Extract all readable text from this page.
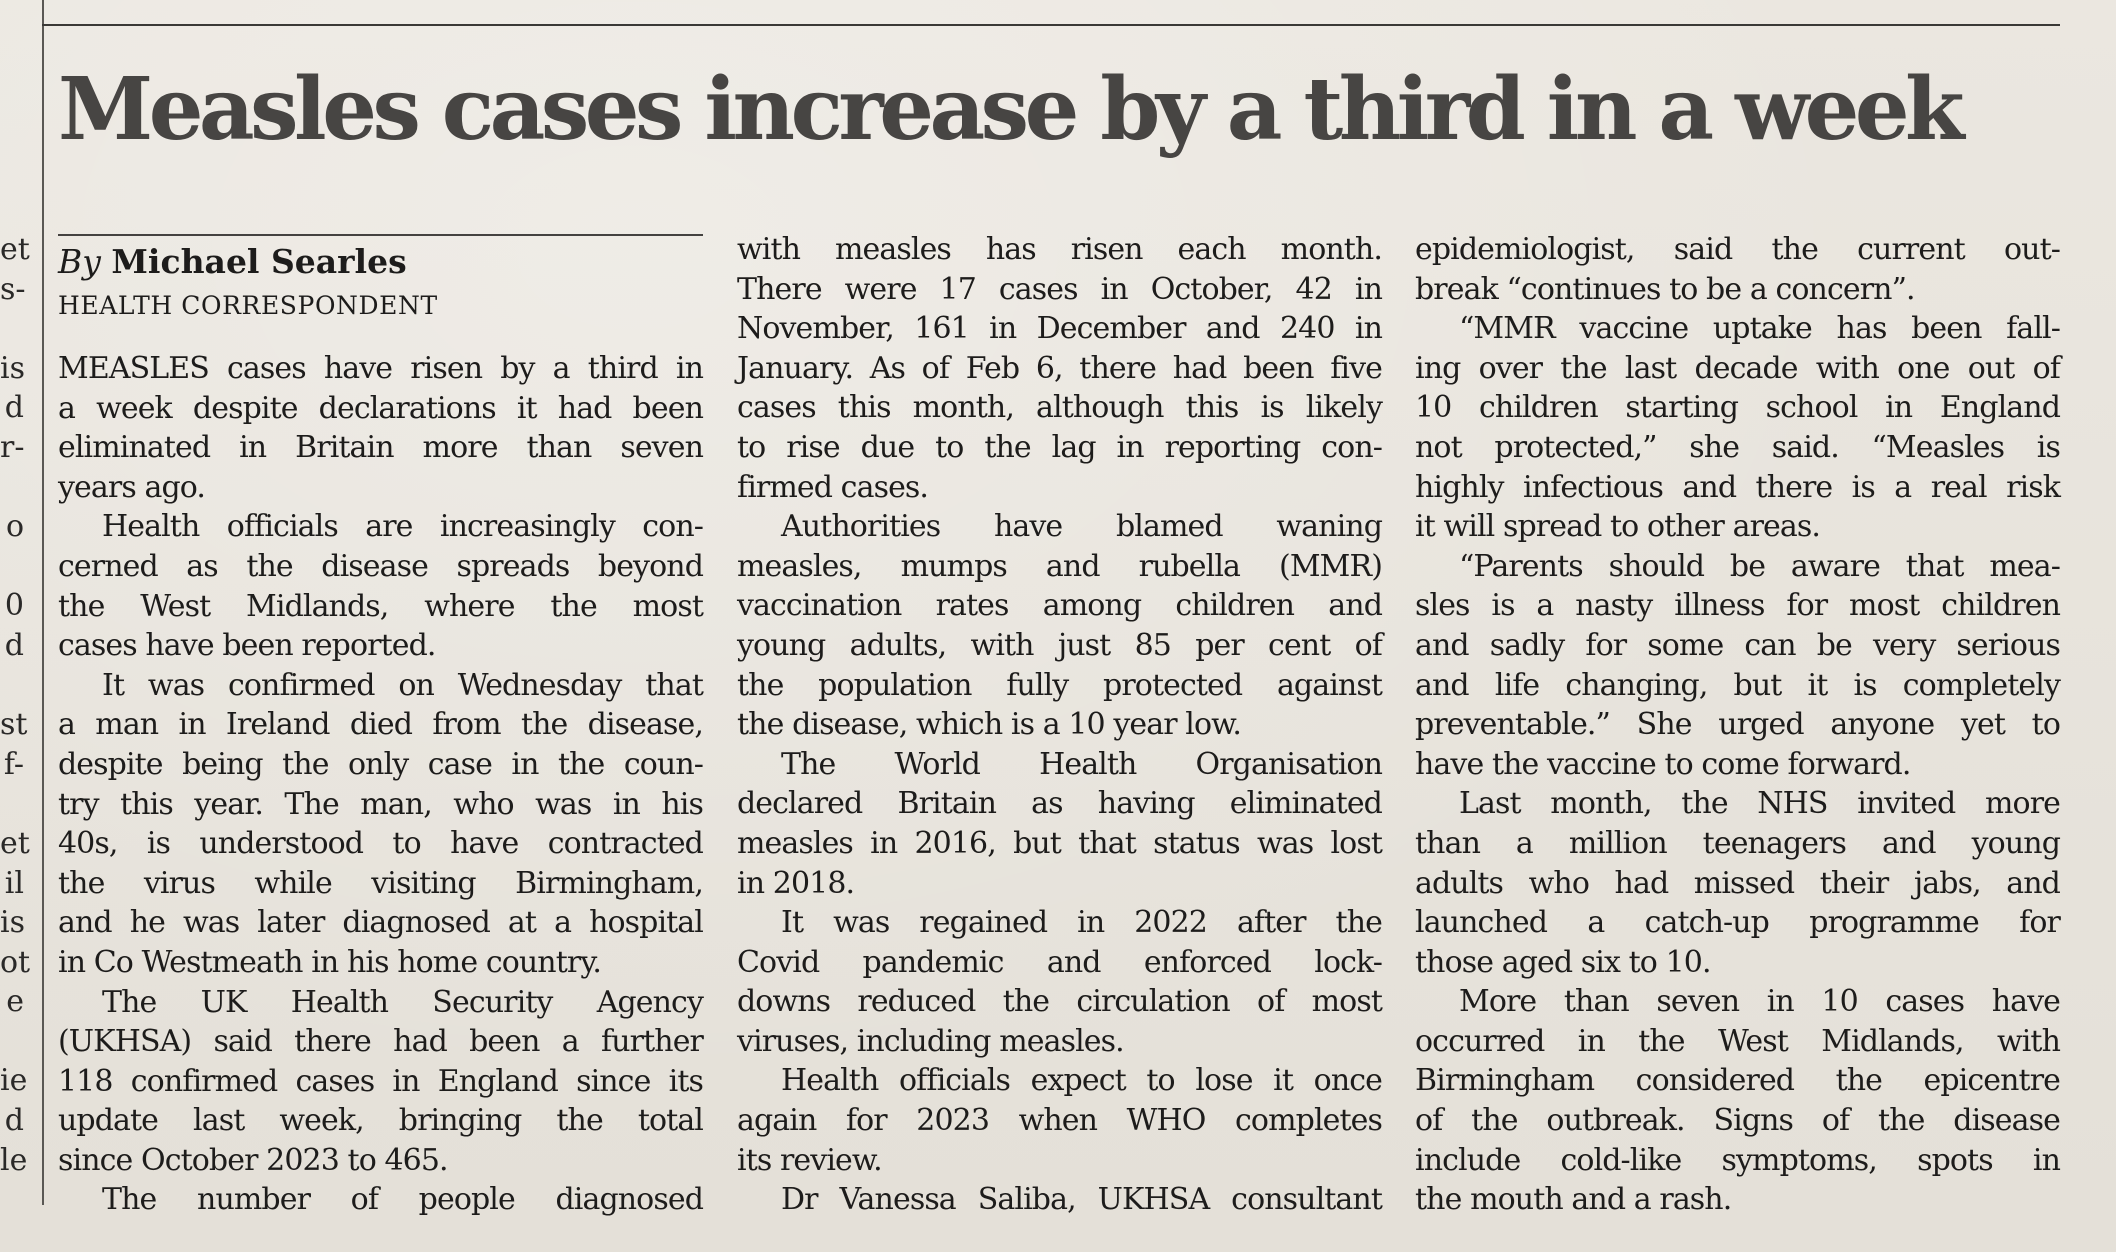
et
s-
is
d
r-
o
0
d
st
f-
et
il
is
ot
e
ie
d
le
Measles cases increase by a third in a week
By Michael Searles
HEALTH CORRESPONDENT
MEASLES cases have risen by a third in
a week despite declarations it had been
eliminated in Britain more than seven
years ago.
Health officials are increasingly con-
cerned as the disease spreads beyond
the West Midlands, where the most
cases have been reported.
It was confirmed on Wednesday that
a man in Ireland died from the disease,
despite being the only case in the coun-
try this year. The man, who was in his
40s, is understood to have contracted
the virus while visiting Birmingham,
and he was later diagnosed at a hospital
in Co Westmeath in his home country.
The UK Health Security Agency
(UKHSA) said there had been a further
118 confirmed cases in England since its
update last week, bringing the total
since October 2023 to 465.
The number of people diagnosed
with measles has risen each month.
There were 17 cases in October, 42 in
November, 161 in December and 240 in
January. As of Feb 6, there had been five
cases this month, although this is likely
to rise due to the lag in reporting con-
firmed cases.
Authorities have blamed waning
measles, mumps and rubella (MMR)
vaccination rates among children and
young adults, with just 85 per cent of
the population fully protected against
the disease, which is a 10 year low.
The World Health Organisation
declared Britain as having eliminated
measles in 2016, but that status was lost
in 2018.
It was regained in 2022 after the
Covid pandemic and enforced lock-
downs reduced the circulation of most
viruses, including measles.
Health officials expect to lose it once
again for 2023 when WHO completes
its review.
Dr Vanessa Saliba, UKHSA consultant
epidemiologist, said the current out-
break “continues to be a concern”.
“MMR vaccine uptake has been fall-
ing over the last decade with one out of
10 children starting school in England
not protected,” she said. “Measles is
highly infectious and there is a real risk
it will spread to other areas.
“Parents should be aware that mea-
sles is a nasty illness for most children
and sadly for some can be very serious
and life changing, but it is completely
preventable.” She urged anyone yet to
have the vaccine to come forward.
Last month, the NHS invited more
than a million teenagers and young
adults who had missed their jabs, and
launched a catch-up programme for
those aged six to 10.
More than seven in 10 cases have
occurred in the West Midlands, with
Birmingham considered the epicentre
of the outbreak. Signs of the disease
include cold-like symptoms, spots in
the mouth and a rash.
